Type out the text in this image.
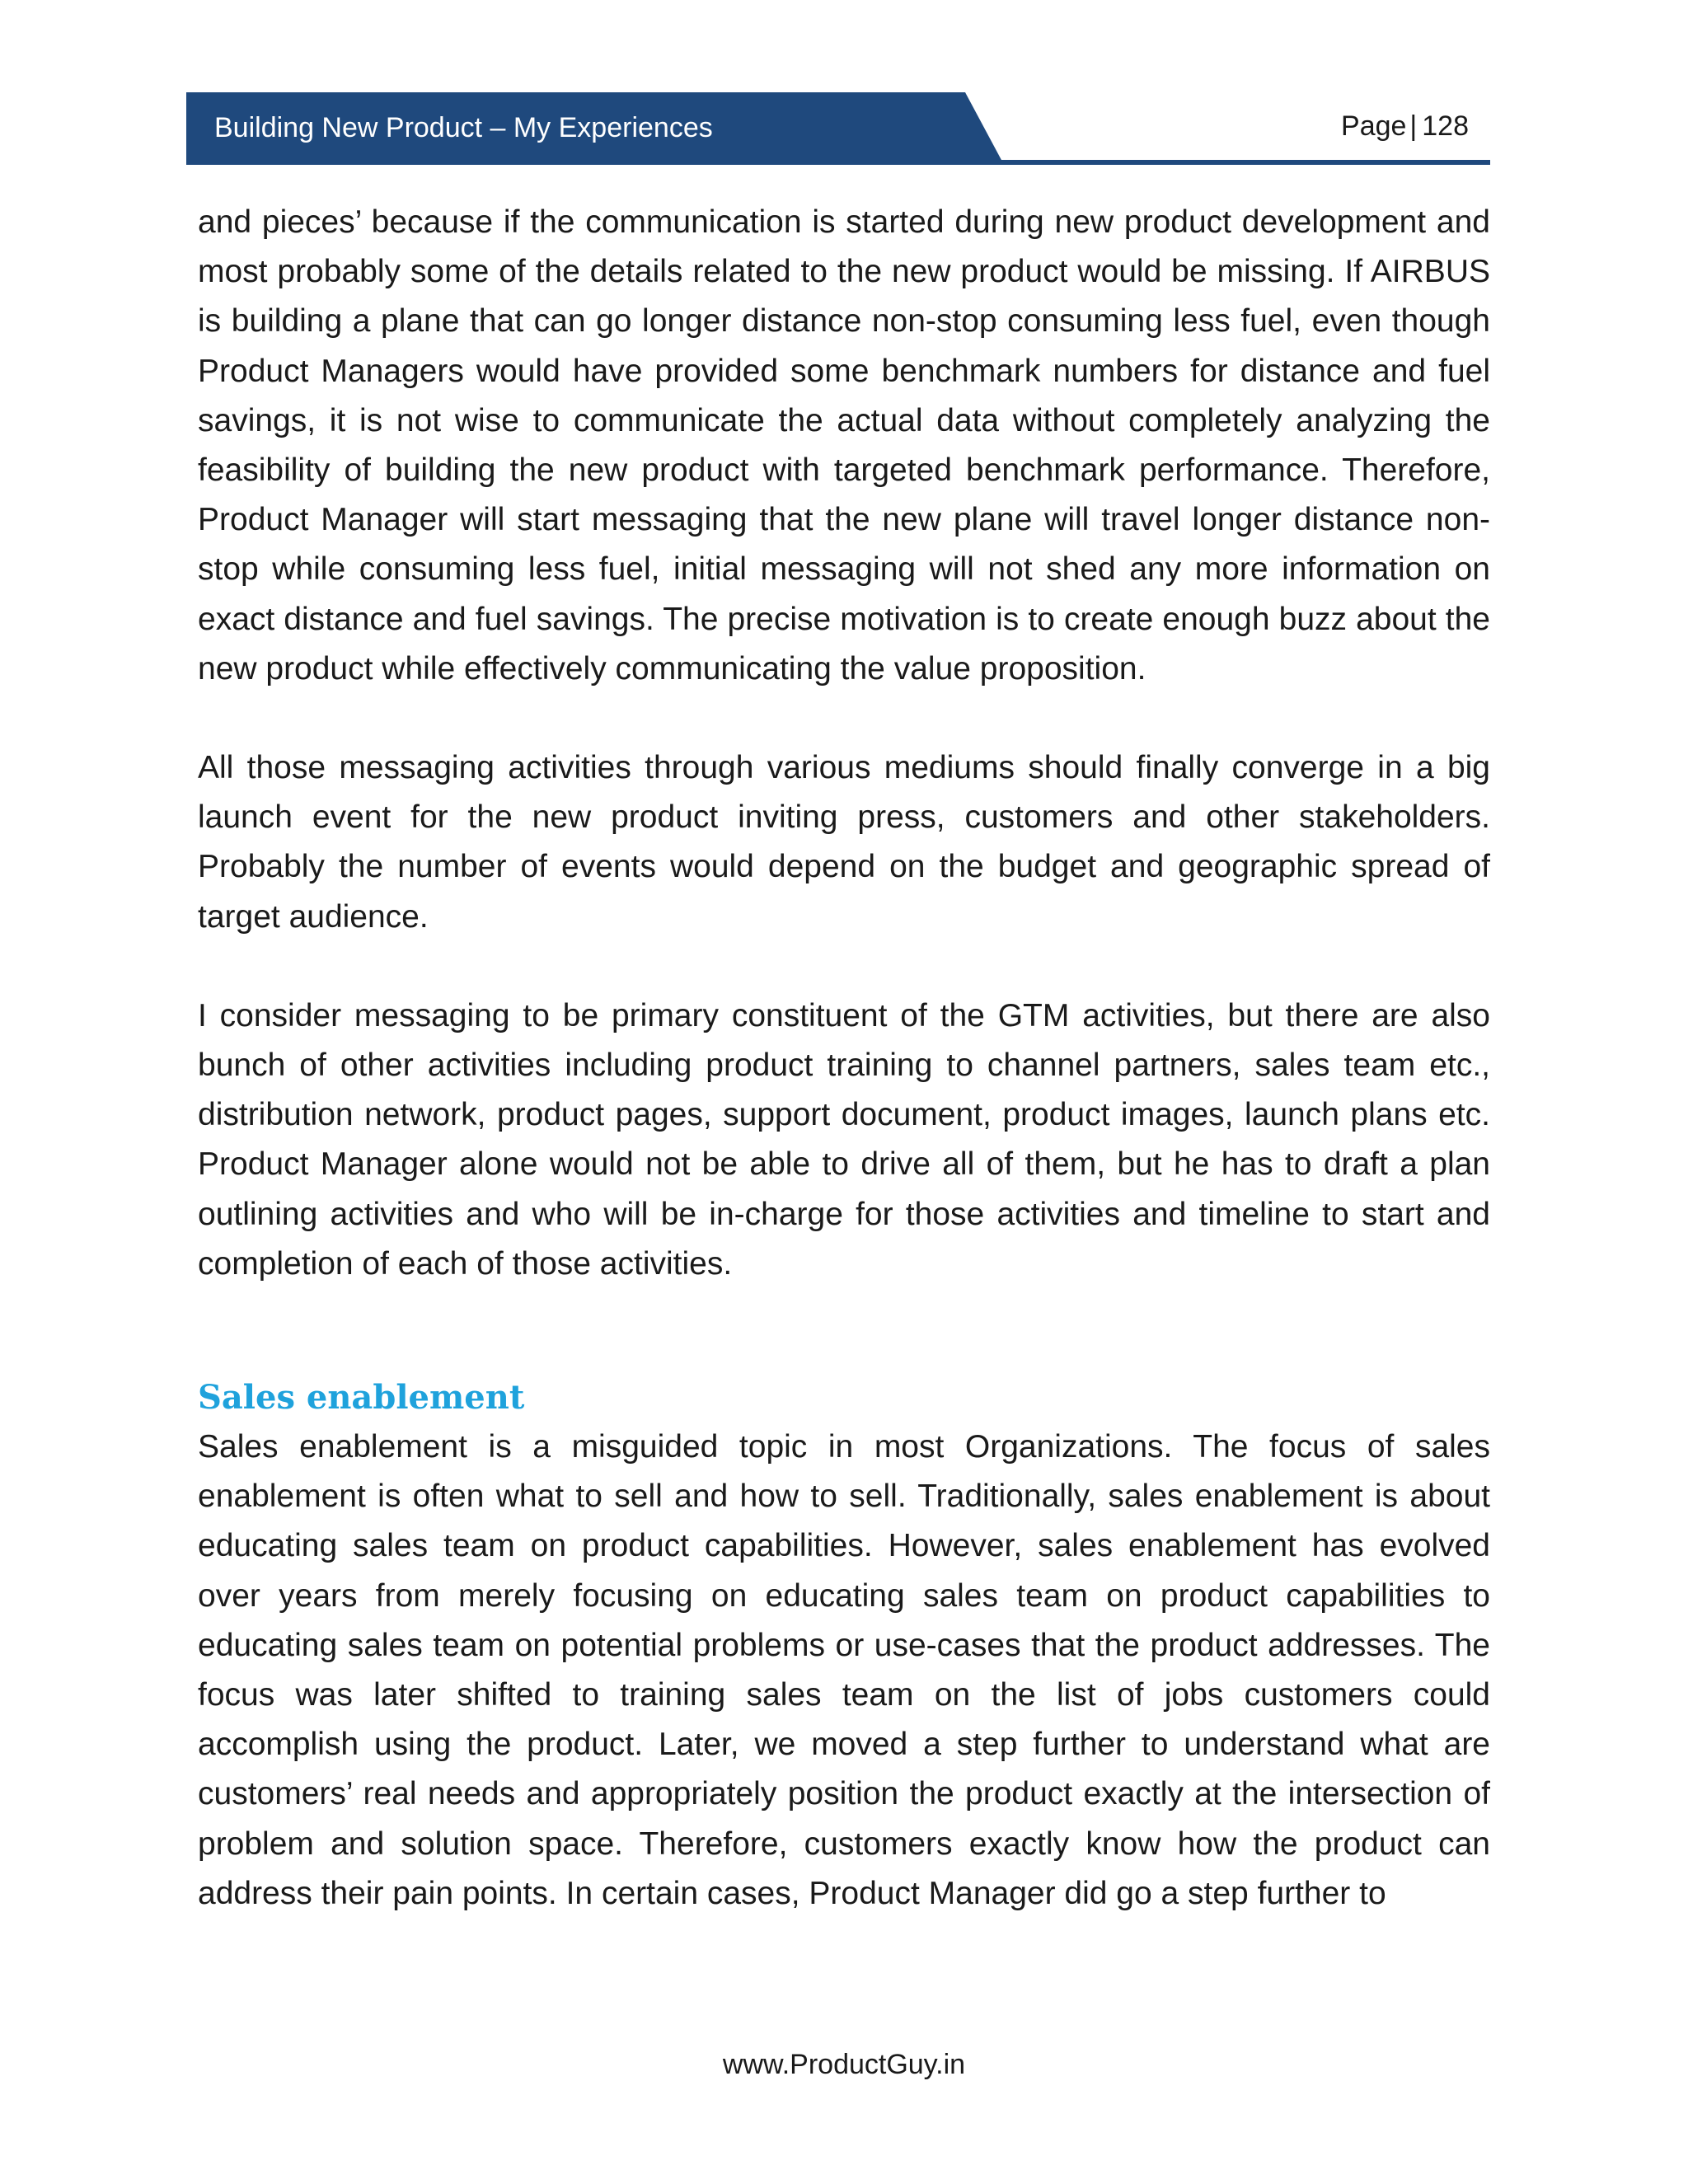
Building New Product – My Experiences	Page | 128

and pieces’ because if the communication is started during new product development and most probably some of the details related to the new product would be missing. If AIRBUS is building a plane that can go longer distance non-stop consuming less fuel, even though Product Managers would have provided some benchmark numbers for distance and fuel savings, it is not wise to communicate the actual data without completely analyzing the feasibility of building the new product with targeted benchmark performance. Therefore, Product Manager will start messaging that the new plane will travel longer distance non-stop while consuming less fuel, initial messaging will not shed any more information on exact distance and fuel savings. The precise motivation is to create enough buzz about the new product while effectively communicating the value proposition.

All those messaging activities through various mediums should finally converge in a big launch event for the new product inviting press, customers and other stakeholders. Probably the number of events would depend on the budget and geographic spread of target audience.

I consider messaging to be primary constituent of the GTM activities, but there are also bunch of other activities including product training to channel partners, sales team etc., distribution network, product pages, support document, product images, launch plans etc. Product Manager alone would not be able to drive all of them, but he has to draft a plan outlining activities and who will be in-charge for those activities and timeline to start and completion of each of those activities.

Sales enablement

Sales enablement is a misguided topic in most Organizations. The focus of sales enablement is often what to sell and how to sell. Traditionally, sales enablement is about educating sales team on product capabilities. However, sales enablement has evolved over years from merely focusing on educating sales team on product capabilities to educating sales team on potential problems or use-cases that the product addresses. The focus was later shifted to training sales team on the list of jobs customers could accomplish using the product. Later, we moved a step further to understand what are customers’ real needs and appropriately position the product exactly at the intersection of problem and solution space. Therefore, customers exactly know how the product can address their pain points. In certain cases, Product Manager did go a step further to

www.ProductGuy.in
